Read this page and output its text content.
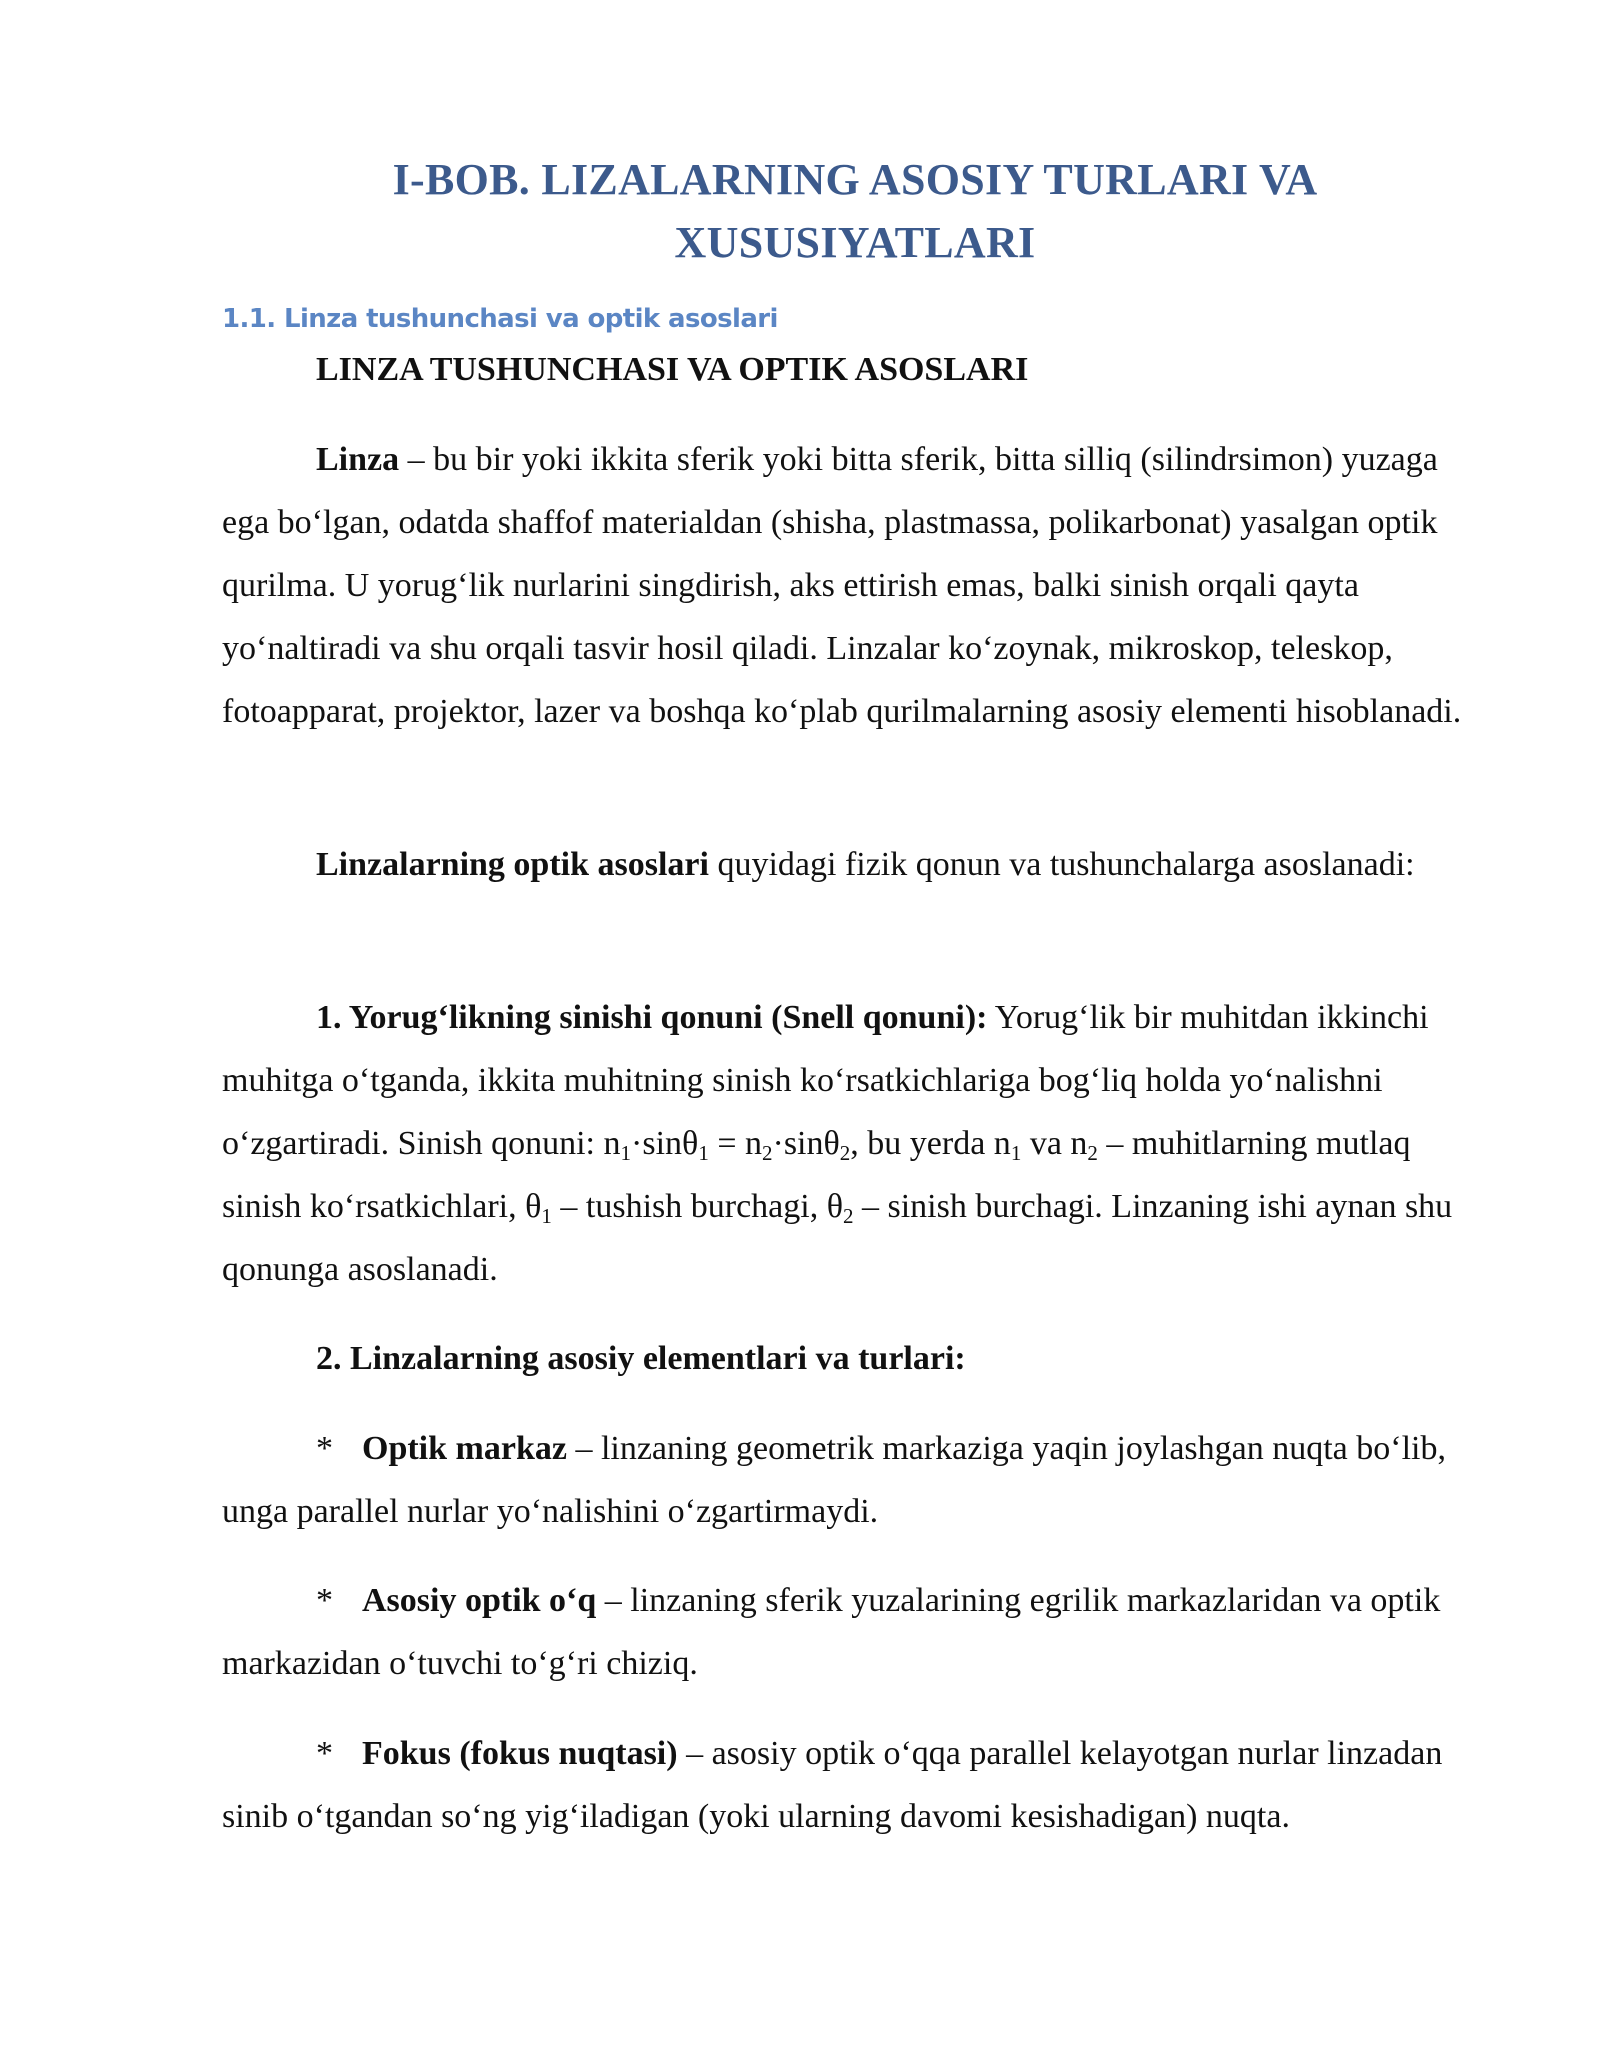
I-BOB. LIZALARNING ASOSIY TURLARI VA
XUSUSIYATLARI
1.1. Linza tushunchasi va optik asoslari
LINZA TUSHUNCHASI VA OPTIK ASOSLARI
Linza – bu bir yoki ikkita sferik yoki bitta sferik, bitta silliq (silindrsimon) yuzaga ega bo‘lgan, odatda shaffof materialdan (shisha, plastmassa, polikarbonat) yasalgan optik qurilma. U yorug‘lik nurlarini singdirish, aks ettirish emas, balki sinish orqali qayta yo‘naltiradi va shu orqali tasvir hosil qiladi. Linzalar ko‘zoynak, mikroskop, teleskop, fotoapparat, projektor, lazer va boshqa ko‘plab qurilmalarning asosiy elementi hisoblanadi.
Linzalarning optik asoslari quyidagi fizik qonun va tushunchalarga asoslanadi:
1. Yorug‘likning sinishi qonuni (Snell qonuni): Yorug‘lik bir muhitdan ikkinchi muhitga o‘tganda, ikkita muhitning sinish ko‘rsatkichlariga bog‘liq holda yo‘nalishni o‘zgartiradi. Sinish qonuni: $n_1\cdot\sin\theta_1 = n_2\cdot\sin\theta_2$, bu yerda $n_1$ va $n_2$ – muhitlarning mutlaq sinish ko‘rsatkichlari, $\theta_1$ – tushish burchagi, $\theta_2$ – sinish burchagi. Linzaning ishi aynan shu qonunga asoslanadi.
2. Linzalarning asosiy elementlari va turlari:
* Optik markaz – linzaning geometrik markaziga yaqin joylashgan nuqta bo‘lib, unga parallel nurlar yo‘nalishini o‘zgartirmaydi.
* Asosiy optik o‘q – linzaning sferik yuzalarining egrilik markazlaridan va optik markazidan o‘tuvchi to‘g‘ri chiziq.
* Fokus (fokus nuqtasi) – asosiy optik o‘qqa parallel kelayotgan nurlar linzadan sinib o‘tgandan so‘ng yig‘iladigan (yoki ularning davomi kesishadigan) nuqta.
